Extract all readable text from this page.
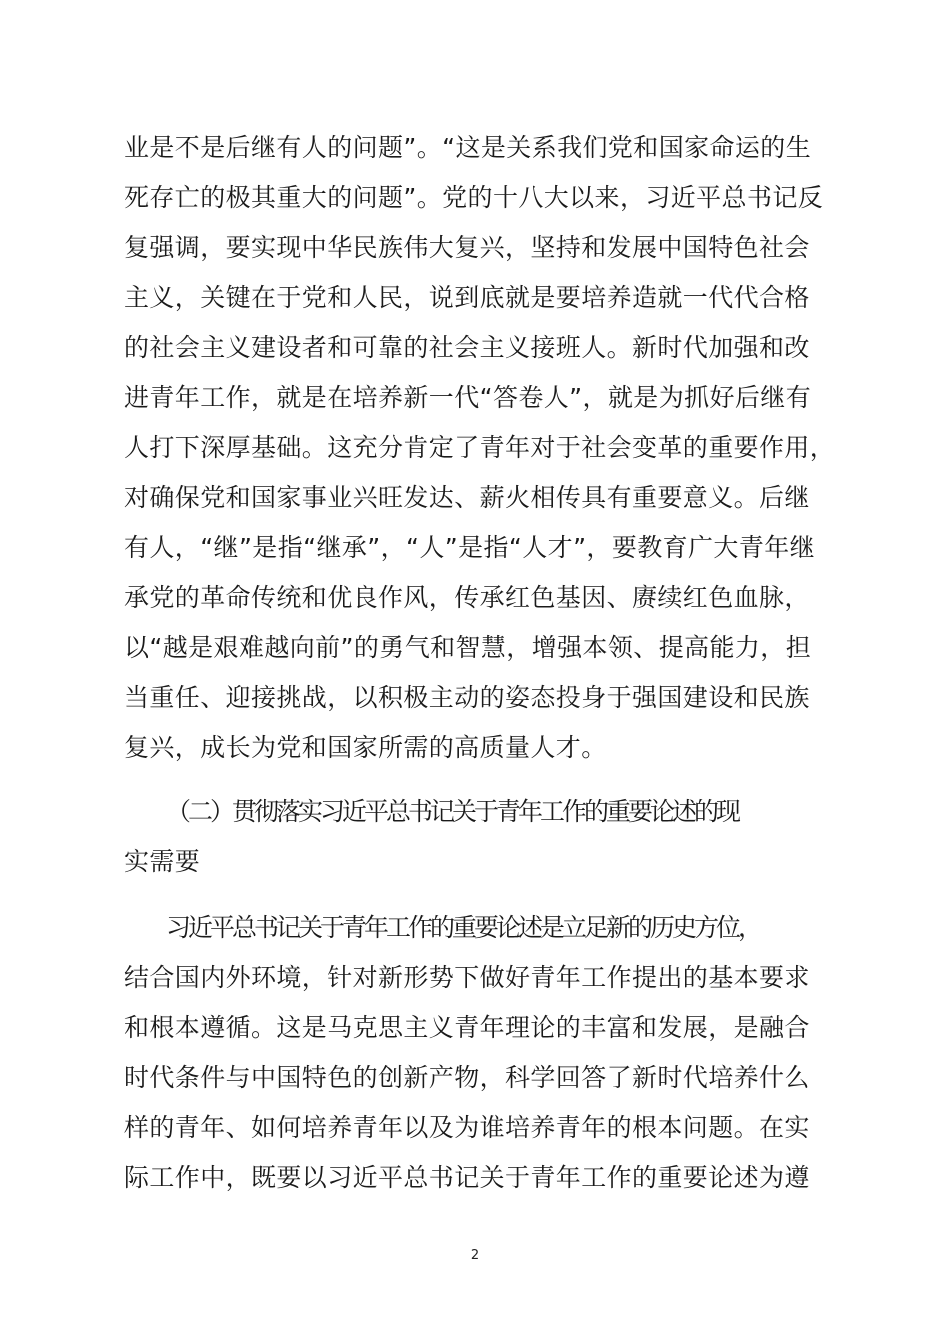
业是不是后继有人的问题”。“这是关系我们党和国家命运的生
死存亡的极其重大的问题”。党的十八大以来，习近平总书记反
复强调，要实现中华民族伟大复兴，坚持和发展中国特色社会
主义，关键在于党和人民，说到底就是要培养造就一代代合格
的社会主义建设者和可靠的社会主义接班人。新时代加强和改
进青年工作，就是在培养新一代“答卷人”，就是为抓好后继有
人打下深厚基础。这充分肯定了青年对于社会变革的重要作用，
对确保党和国家事业兴旺发达、薪火相传具有重要意义。后继
有人，“继”是指“继承”，“人”是指“人才”，要教育广大青年继
承党的革命传统和优良作风，传承红色基因、赓续红色血脉，
以“越是艰难越向前”的勇气和智慧，增强本领、提高能力，担
当重任、迎接挑战，以积极主动的姿态投身于强国建设和民族
复兴，成长为党和国家所需的高质量人才。
（二）贯彻落实习近平总书记关于青年工作的重要论述的现
实需要
习近平总书记关于青年工作的重要论述是立足新的历史方位，
结合国内外环境，针对新形势下做好青年工作提出的基本要求
和根本遵循。这是马克思主义青年理论的丰富和发展，是融合
时代条件与中国特色的创新产物，科学回答了新时代培养什么
样的青年、如何培养青年以及为谁培养青年的根本问题。在实
际工作中，既要以习近平总书记关于青年工作的重要论述为遵
2
